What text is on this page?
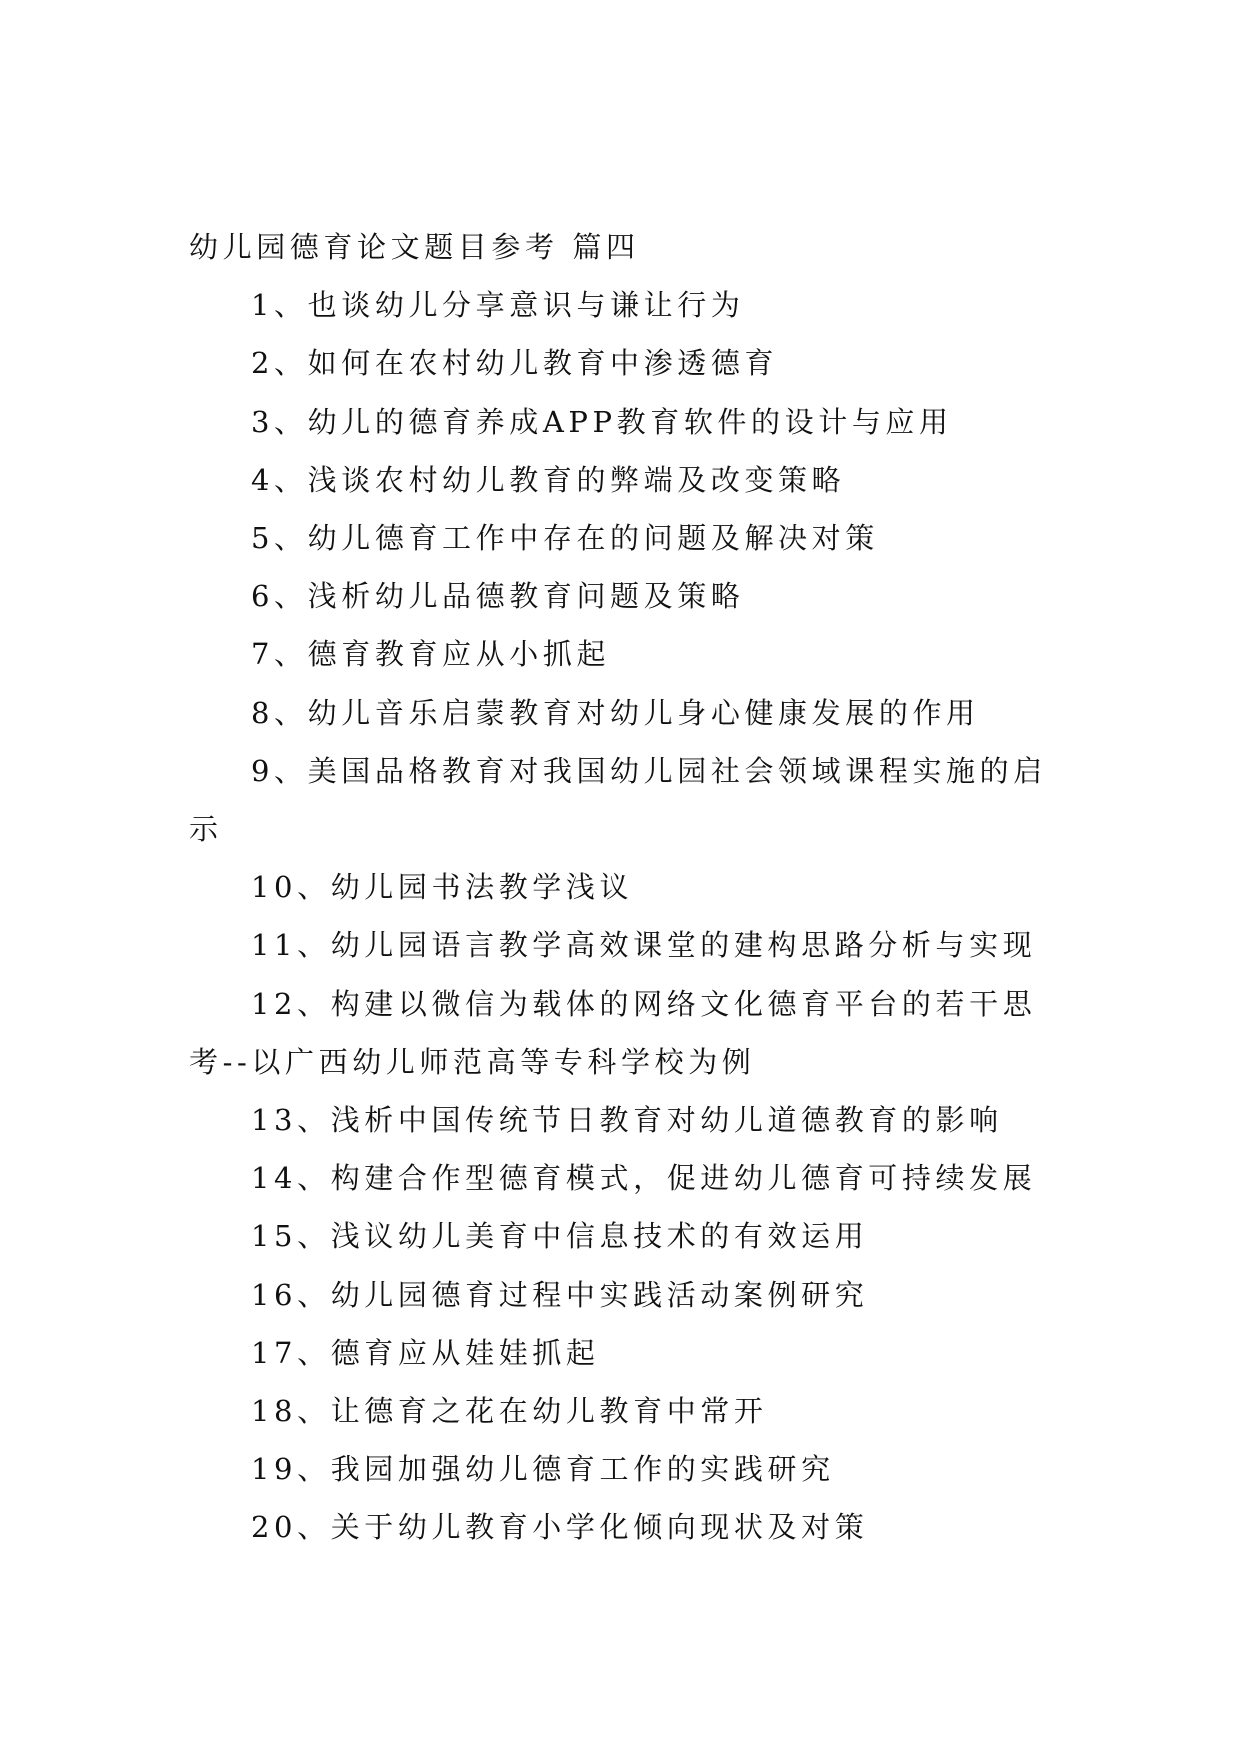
幼儿园德育论文题目参考 篇四

1、也谈幼儿分享意识与谦让行为

2、如何在农村幼儿教育中渗透德育

3、幼儿的德育养成APP教育软件的设计与应用

4、浅谈农村幼儿教育的弊端及改变策略

5、幼儿德育工作中存在的问题及解决对策

6、浅析幼儿品德教育问题及策略

7、德育教育应从小抓起

8、幼儿音乐启蒙教育对幼儿身心健康发展的作用

9、美国品格教育对我国幼儿园社会领域课程实施的启示

10、幼儿园书法教学浅议

11、幼儿园语言教学高效课堂的建构思路分析与实现

12、构建以微信为载体的网络文化德育平台的若干思考--以广西幼儿师范高等专科学校为例

13、浅析中国传统节日教育对幼儿道德教育的影响

14、构建合作型德育模式，促进幼儿德育可持续发展

15、浅议幼儿美育中信息技术的有效运用

16、幼儿园德育过程中实践活动案例研究

17、德育应从娃娃抓起

18、让德育之花在幼儿教育中常开

19、我园加强幼儿德育工作的实践研究

20、关于幼儿教育小学化倾向现状及对策
